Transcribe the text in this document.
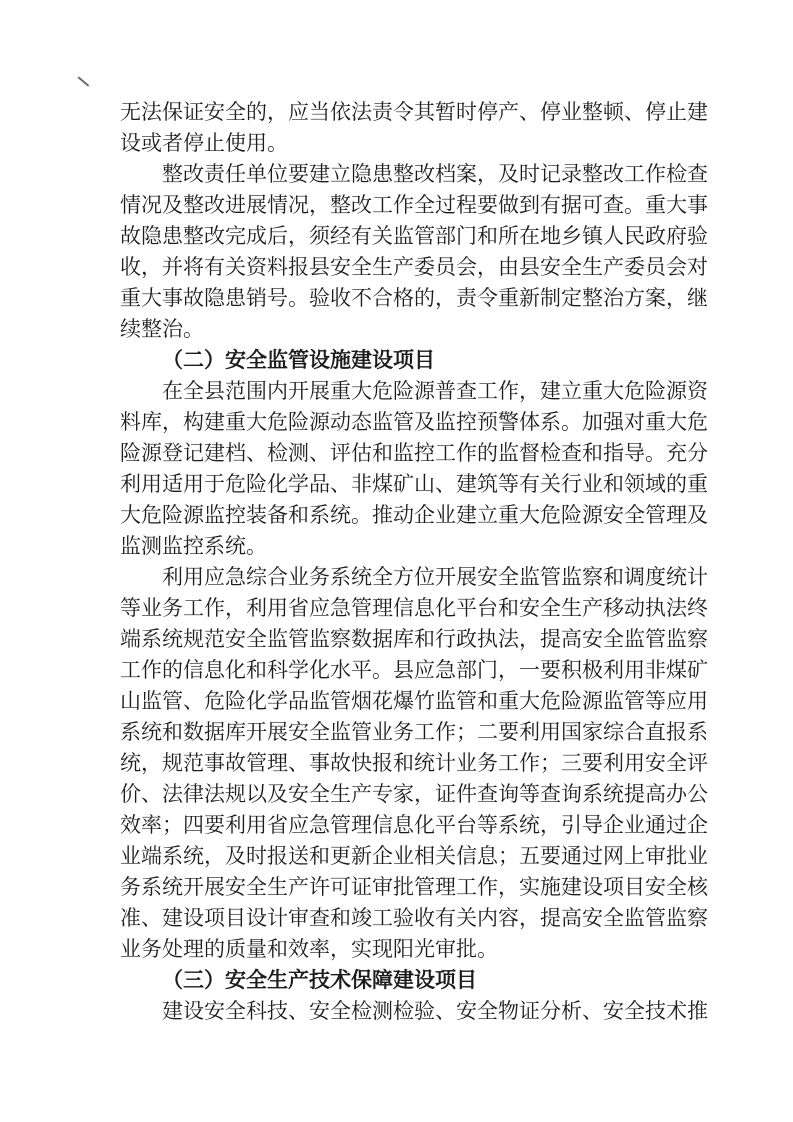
无法保证安全的，应当依法责令其暂时停产、停业整顿、停止建设或者停止使用。

整改责任单位要建立隐患整改档案，及时记录整改工作检查情况及整改进展情况，整改工作全过程要做到有据可查。重大事故隐患整改完成后，须经有关监管部门和所在地乡镇人民政府验收，并将有关资料报县安全生产委员会，由县安全生产委员会对重大事故隐患销号。验收不合格的，责令重新制定整治方案，继续整治。

（二）安全监管设施建设项目

在全县范围内开展重大危险源普查工作，建立重大危险源资料库，构建重大危险源动态监管及监控预警体系。加强对重大危险源登记建档、检测、评估和监控工作的监督检查和指导。充分利用适用于危险化学品、非煤矿山、建筑等有关行业和领域的重大危险源监控装备和系统。推动企业建立重大危险源安全管理及监测监控系统。

利用应急综合业务系统全方位开展安全监管监察和调度统计等业务工作，利用省应急管理信息化平台和安全生产移动执法终端系统规范安全监管监察数据库和行政执法，提高安全监管监察工作的信息化和科学化水平。县应急部门，一要积极利用非煤矿山监管、危险化学品监管烟花爆竹监管和重大危险源监管等应用系统和数据库开展安全监管业务工作；二要利用国家综合直报系统，规范事故管理、事故快报和统计业务工作；三要利用安全评价、法律法规以及安全生产专家，证件查询等查询系统提高办公效率；四要利用省应急管理信息化平台等系统，引导企业通过企业端系统，及时报送和更新企业相关信息；五要通过网上审批业务系统开展安全生产许可证审批管理工作，实施建设项目安全核准、建设项目设计审查和竣工验收有关内容，提高安全监管监察业务处理的质量和效率，实现阳光审批。

（三）安全生产技术保障建设项目

建设安全科技、安全检测检验、安全物证分析、安全技术推
